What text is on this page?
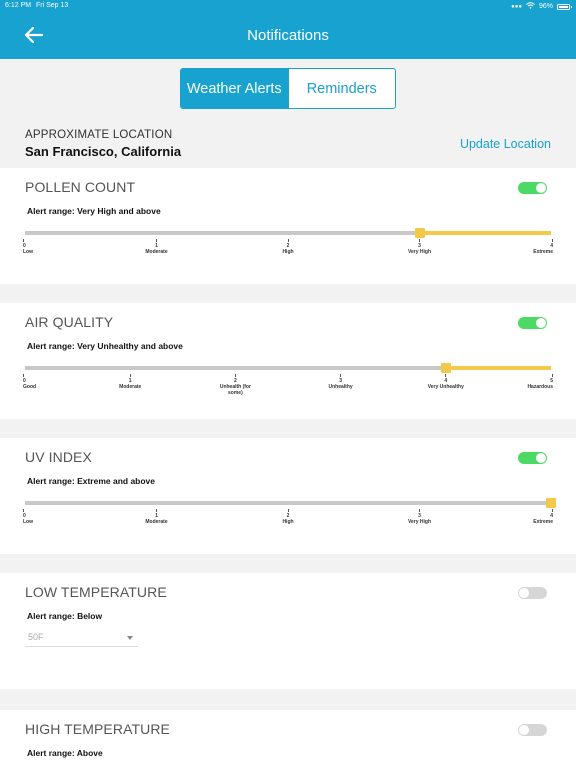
6:12 PM Fri Sep 13	●●● 96%
Notifications
Weather Alerts	Reminders
APPROXIMATE LOCATION
San Francisco, California	Update Location
POLLEN COUNT
Alert range: Very High and above
0
Low
1
Moderate
2
High
3
Very High
4
Extreme
AIR QUALITY
Alert range: Very Unhealthy and above
0
Good
1
Moderate
2
Unhealth (for some)
3
Unhealthy
4
Very Unhealthy
5
Hazardous
UV INDEX
Alert range: Extreme and above
0
Low
1
Moderate
2
High
3
Very High
4
Extreme
LOW TEMPERATURE
Alert range: Below
50F
HIGH TEMPERATURE
Alert range: Above
